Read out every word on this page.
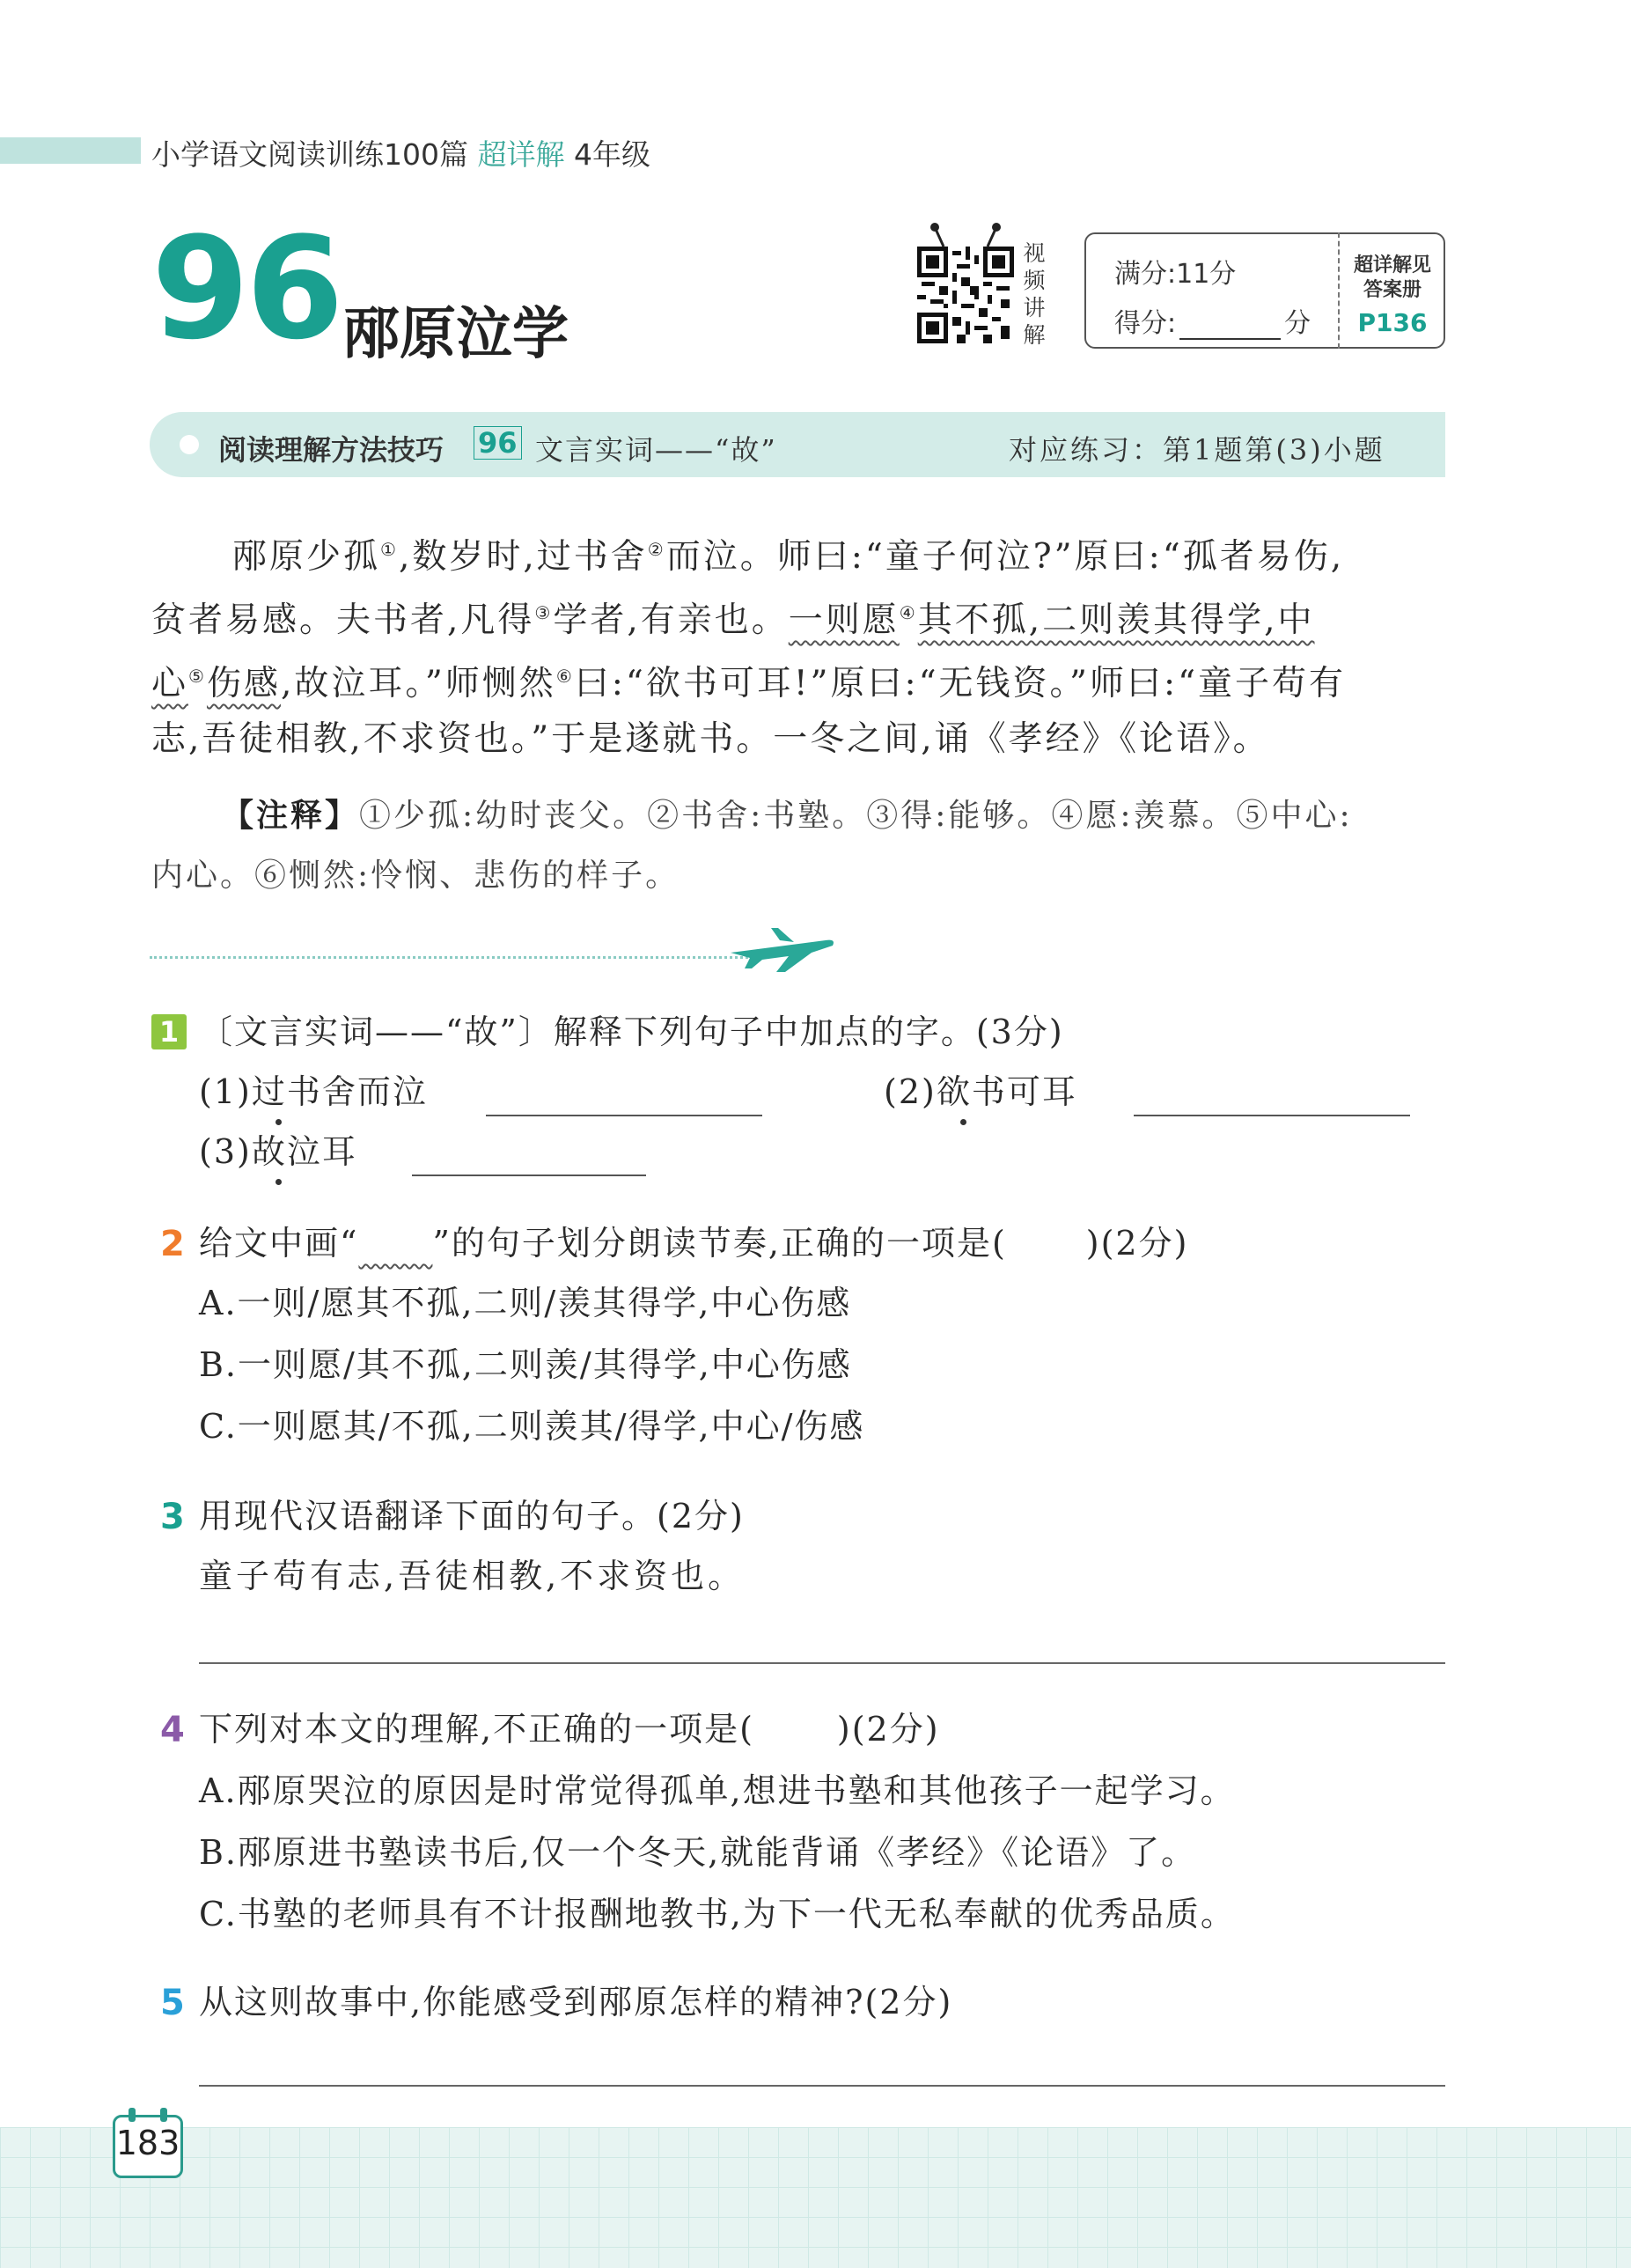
小学语文阅读训练100篇 超详解 4年级
96 邴原泣学
视
频
讲
解
满分:11分
得分:	分
超详解见
答案册
P136
阅读理解方法技巧 96 文言实词——“故”	对应练习：第1题第(3)小题
邴原少孤①,数岁时,过书舍②而泣。师曰:“童子何泣?”原曰:“孤者易伤,
贫者易感。夫书者,凡得③学者,有亲也。一则愿④其不孤,二则羡其得学,中
心⑤伤感,故泣耳。”师恻然⑥曰:“欲书可耳!”原曰:“无钱资。”师曰:“童子苟有
志,吾徒相教,不求资也。”于是遂就书。一冬之间,诵《孝经》《论语》。
【注释】①少孤:幼时丧父。②书舍:书塾。③得:能够。④愿:羡慕。⑤中心:
内心。⑥恻然:怜悯、悲伤的样子。
1 〔文言实词——“故”〕解释下列句子中加点的字。(3分)
(1)过书舍而泣	(2)欲书可耳
(3)故泣耳
2 给文中画“     ”的句子划分朗读节奏,正确的一项是( )(2分)
A.一则/愿其不孤,二则/羡其得学,中心伤感
B.一则愿/其不孤,二则羡/其得学,中心伤感
C.一则愿其/不孤,二则羡其/得学,中心/伤感
3 用现代汉语翻译下面的句子。(2分)
童子苟有志,吾徒相教,不求资也。
4 下列对本文的理解,不正确的一项是( )(2分)
A.邴原哭泣的原因是时常觉得孤单,想进书塾和其他孩子一起学习。
B.邴原进书塾读书后,仅一个冬天,就能背诵《孝经》《论语》了。
C.书塾的老师具有不计报酬地教书,为下一代无私奉献的优秀品质。
5 从这则故事中,你能感受到邴原怎样的精神?(2分)
183
